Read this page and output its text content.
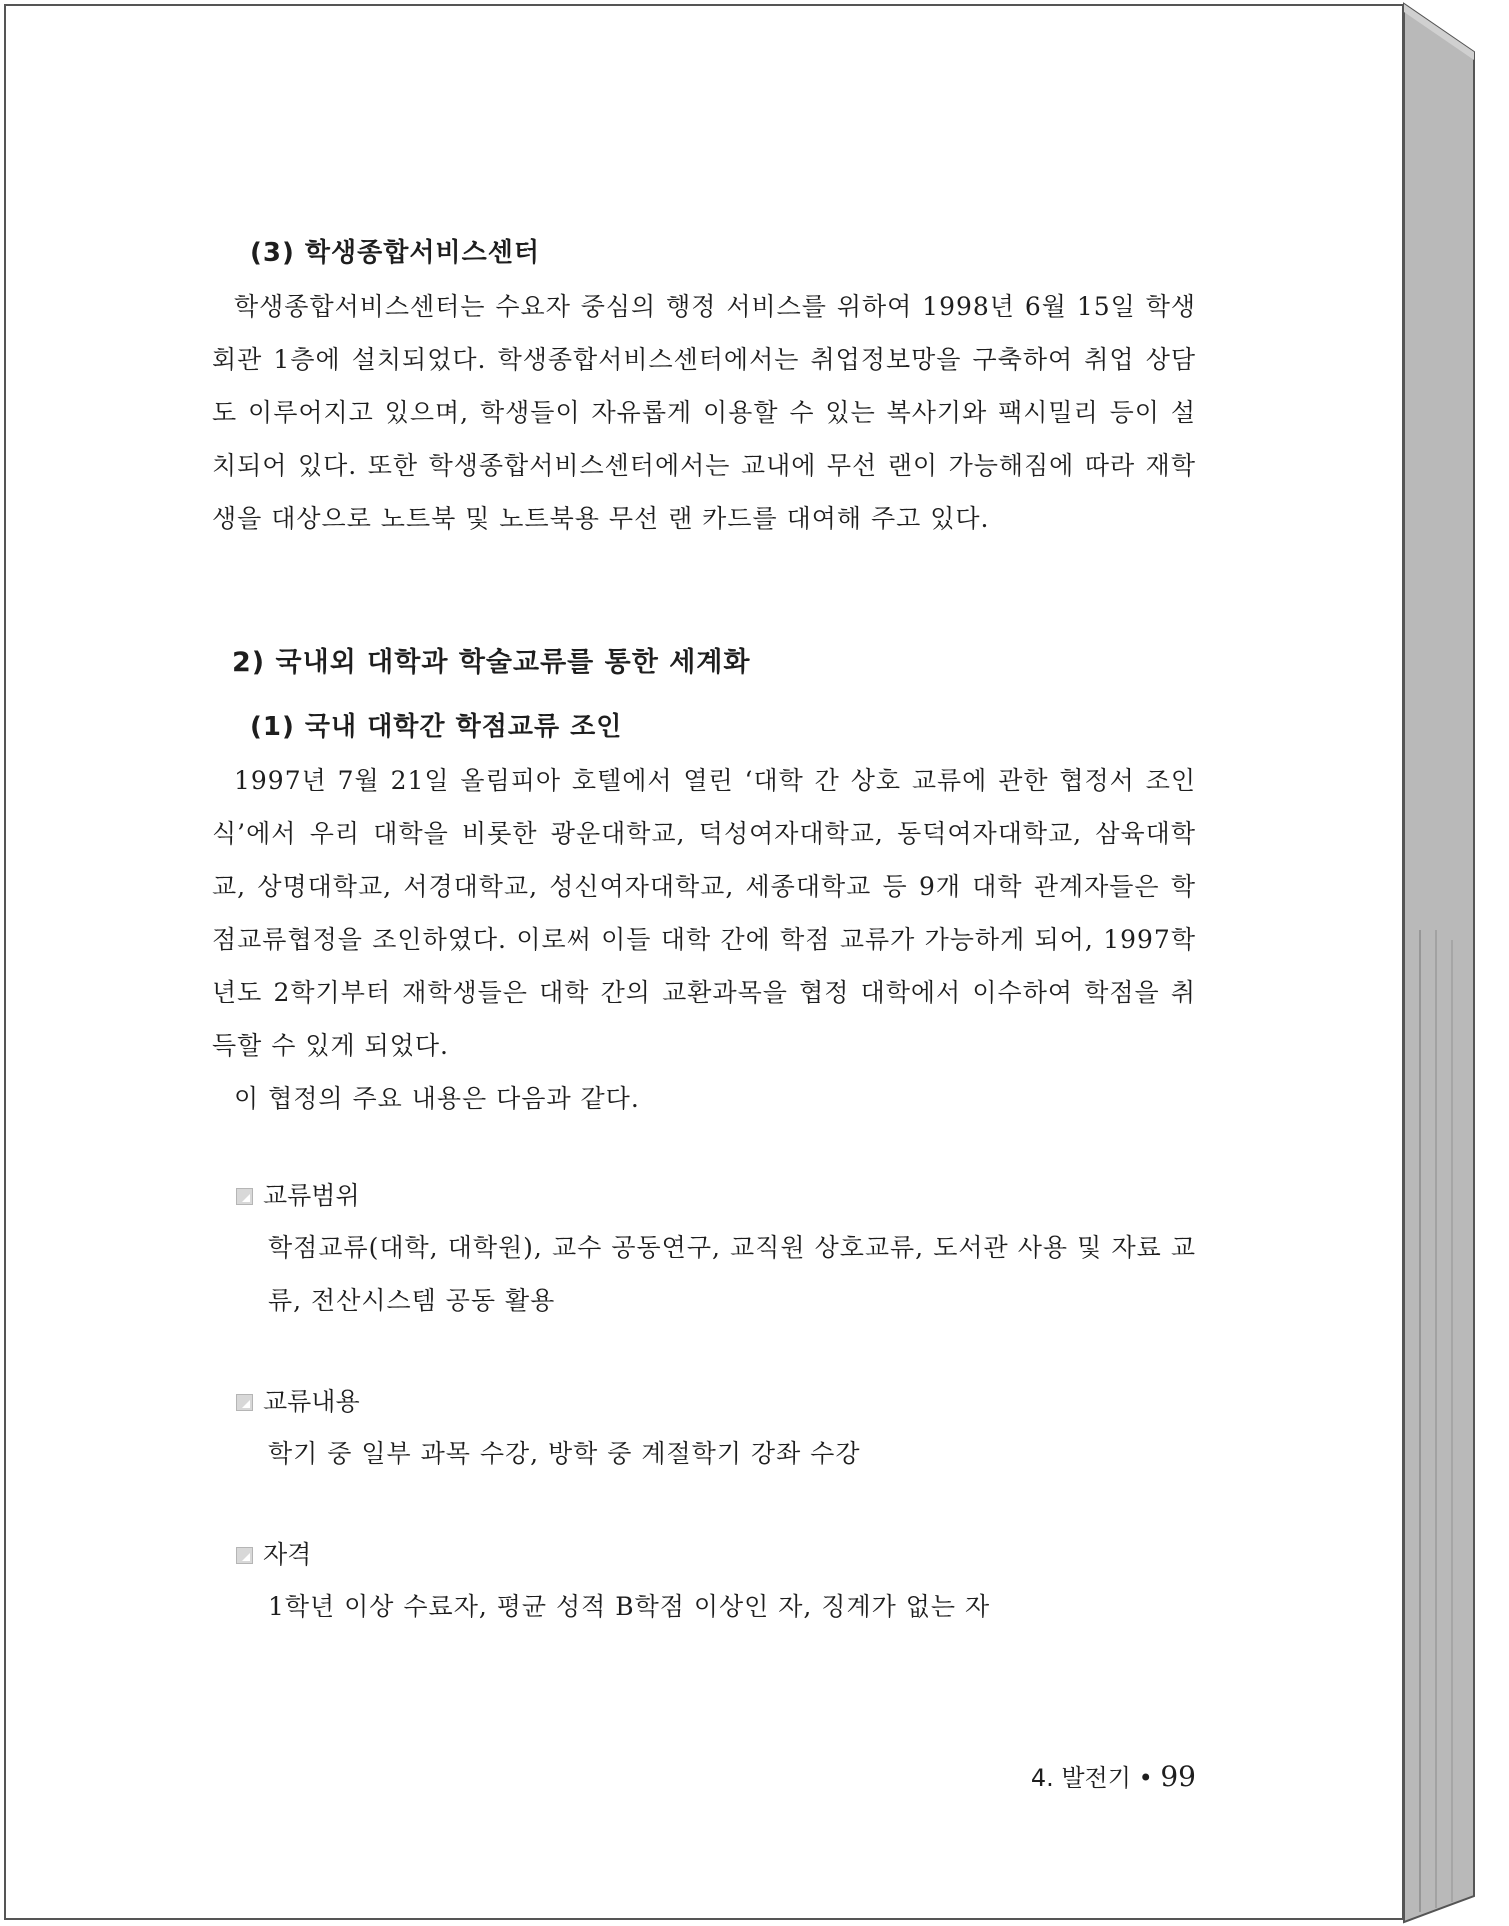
(3) 학생종합서비스센터

학생종합서비스센터는 수요자 중심의 행정 서비스를 위하여 1998년 6월 15일 학생회관 1층에 설치되었다. 학생종합서비스센터에서는 취업정보망을 구축하여 취업 상담도 이루어지고 있으며, 학생들이 자유롭게 이용할 수 있는 복사기와 팩시밀리 등이 설치되어 있다. 또한 학생종합서비스센터에서는 교내에 무선 랜이 가능해짐에 따라 재학생을 대상으로 노트북 및 노트북용 무선 랜 카드를 대여해 주고 있다.

2) 국내외 대학과 학술교류를 통한 세계화
(1) 국내 대학간 학점교류 조인

1997년 7월 21일 올림피아 호텔에서 열린 ‘대학 간 상호 교류에 관한 협정서 조인식’에서 우리 대학을 비롯한 광운대학교, 덕성여자대학교, 동덕여자대학교, 삼육대학교, 상명대학교, 서경대학교, 성신여자대학교, 세종대학교 등 9개 대학 관계자들은 학점교류협정을 조인하였다. 이로써 이들 대학 간에 학점 교류가 가능하게 되어, 1997학년도 2학기부터 재학생들은 대학 간의 교환과목을 협정 대학에서 이수하여 학점을 취득할 수 있게 되었다.

이 협정의 주요 내용은 다음과 같다.

교류범위

학점교류(대학, 대학원), 교수 공동연구, 교직원 상호교류, 도서관 사용 및 자료 교류, 전산시스템 공동 활용

교류내용

학기 중 일부 과목 수강, 방학 중 계절학기 강좌 수강

자격

1학년 이상 수료자, 평균 성적 B학점 이상인 자, 징계가 없는 자

4. 발전기 • 99
